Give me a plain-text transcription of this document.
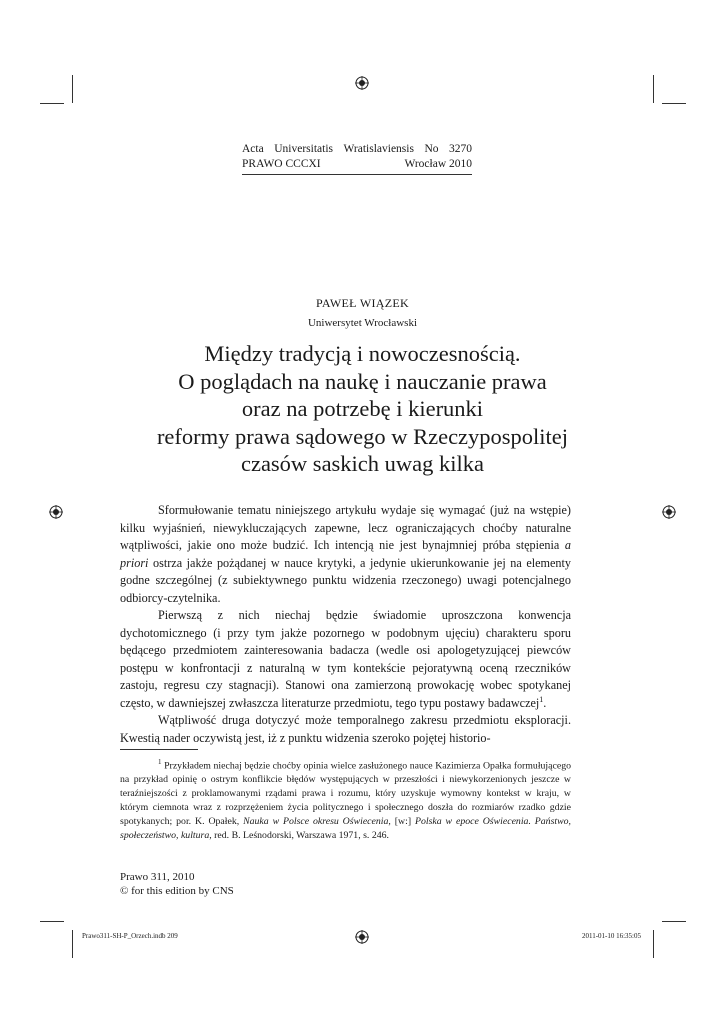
Acta Universitatis Wratislaviensis No 3270
PRAWO CCCXI	Wrocław 2010
PAWEŁ WIĄZEK
Uniwersytet Wrocławski
Między tradycją i nowoczesnością.
O poglądach na naukę i nauczanie prawa
oraz na potrzebę i kierunki
reformy prawa sądowego w Rzeczypospolitej
czasów saskich uwag kilka

Sformułowanie tematu niniejszego artykułu wydaje się wymagać (już na wstępie) kilku wyjaśnień, niewykluczających zapewne, lecz ograniczających choćby naturalne wątpliwości, jakie ono może budzić. Ich intencją nie jest bynajmniej próba stępienia a priori ostrza jakże pożądanej w nauce krytyki, a jedynie ukierunkowanie jej na elementy godne szczególnej (z subiektywnego punktu widzenia rzeczonego) uwagi potencjalnego odbiorcy-czytelnika.

Pierwszą z nich niechaj będzie świadomie uproszczona konwencja dychotomicznego (i przy tym jakże pozornego w podobnym ujęciu) charakteru sporu będącego przedmiotem zainteresowania badacza (wedle osi apologetyzującej piewców postępu w konfrontacji z naturalną w tym kontekście pejoratywną oceną rzeczników zastoju, regresu czy stagnacji). Stanowi ona zamierzoną prowokację wobec spotykanej często, w dawniejszej zwłaszcza literaturze przedmiotu, tego typu postawy badawczej$^1$.

Wątpliwość druga dotyczyć może temporalnego zakresu przedmiotu eksploracji. Kwestią nader oczywistą jest, iż z punktu widzenia szeroko pojętej historio-

$^1$ Przykładem niechaj będzie choćby opinia wielce zasłużonego nauce Kazimierza Opałka formułującego na przykład opinię o ostrym konflikcie błędów występujących w przeszłości i niewykorzenionych jeszcze w teraźniejszości z proklamowanymi rządami prawa i rozumu, który uzyskuje wymowny kontekst w kraju, w którym ciemnota wraz z rozprzężeniem życia politycznego i społecznego doszła do rozmiarów rzadko gdzie spotykanych; por. K. Opałek, Nauka w Polsce okresu Oświecenia, [w:] Polska w epoce Oświecenia. Państwo, społeczeństwo, kultura, red. B. Leśnodorski, Warszawa 1971, s. 246.

Prawo 311, 2010
© for this edition by CNS
Prawo311-SH-P_Orzech.indb 209	2011-01-10 16:35:05
